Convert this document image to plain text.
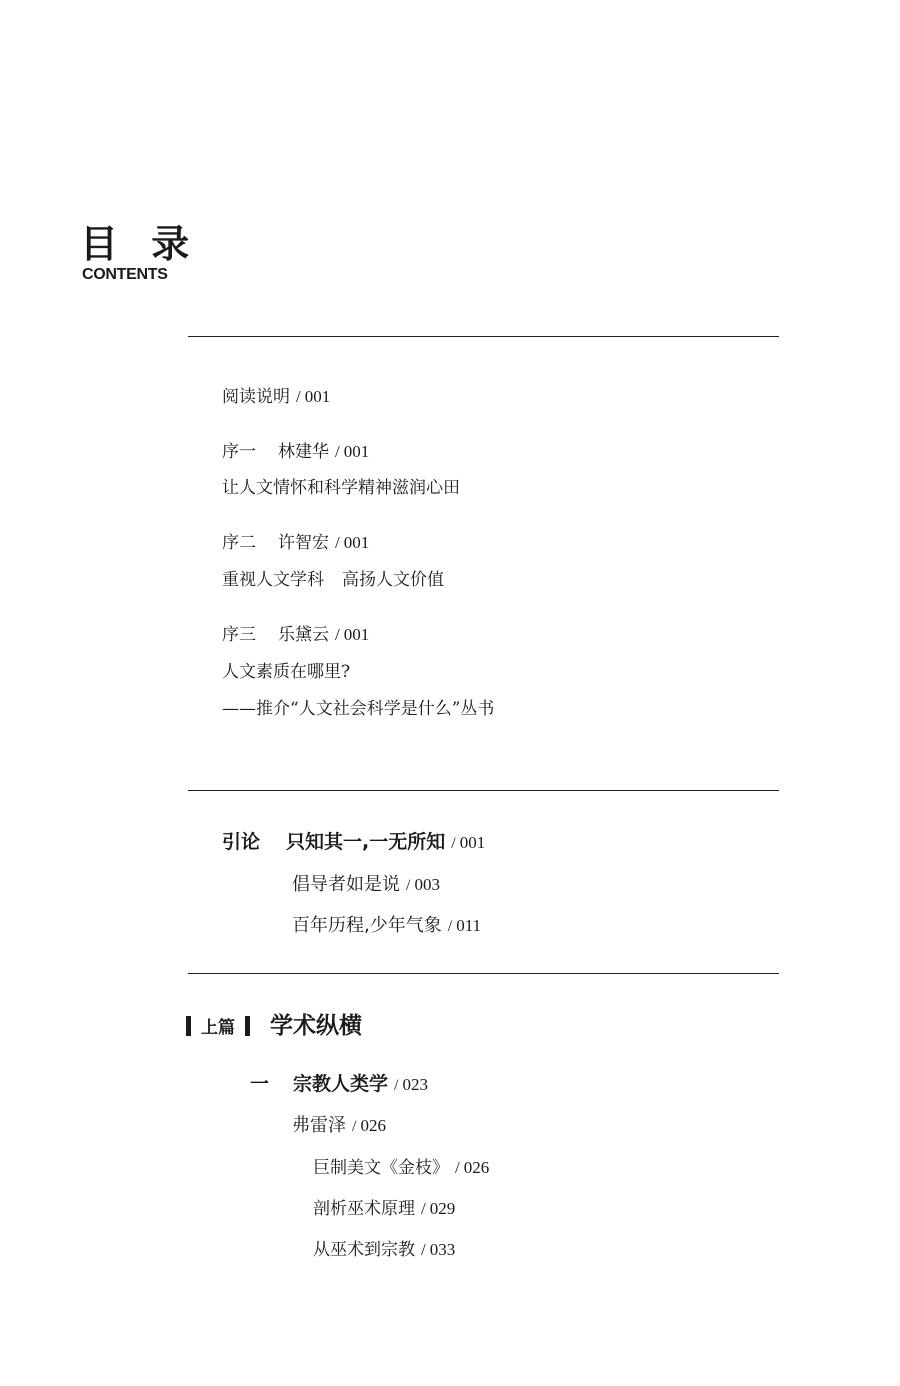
目 录
CONTENTS
阅读说明 / 001
序一 林建华 / 001
让人文情怀和科学精神滋润心田
序二 许智宏 / 001
重视人文学科 高扬人文价值
序三 乐黛云 / 001
人文素质在哪里?
——推介“人文社会科学是什么”丛书
引论 只知其一,一无所知 / 001
倡导者如是说 / 003
百年历程,少年气象 / 011
上篇 学术纵横
一 宗教人类学 / 023
弗雷泽 / 026
巨制美文《金枝》 / 026
剖析巫术原理 / 029
从巫术到宗教 / 033
